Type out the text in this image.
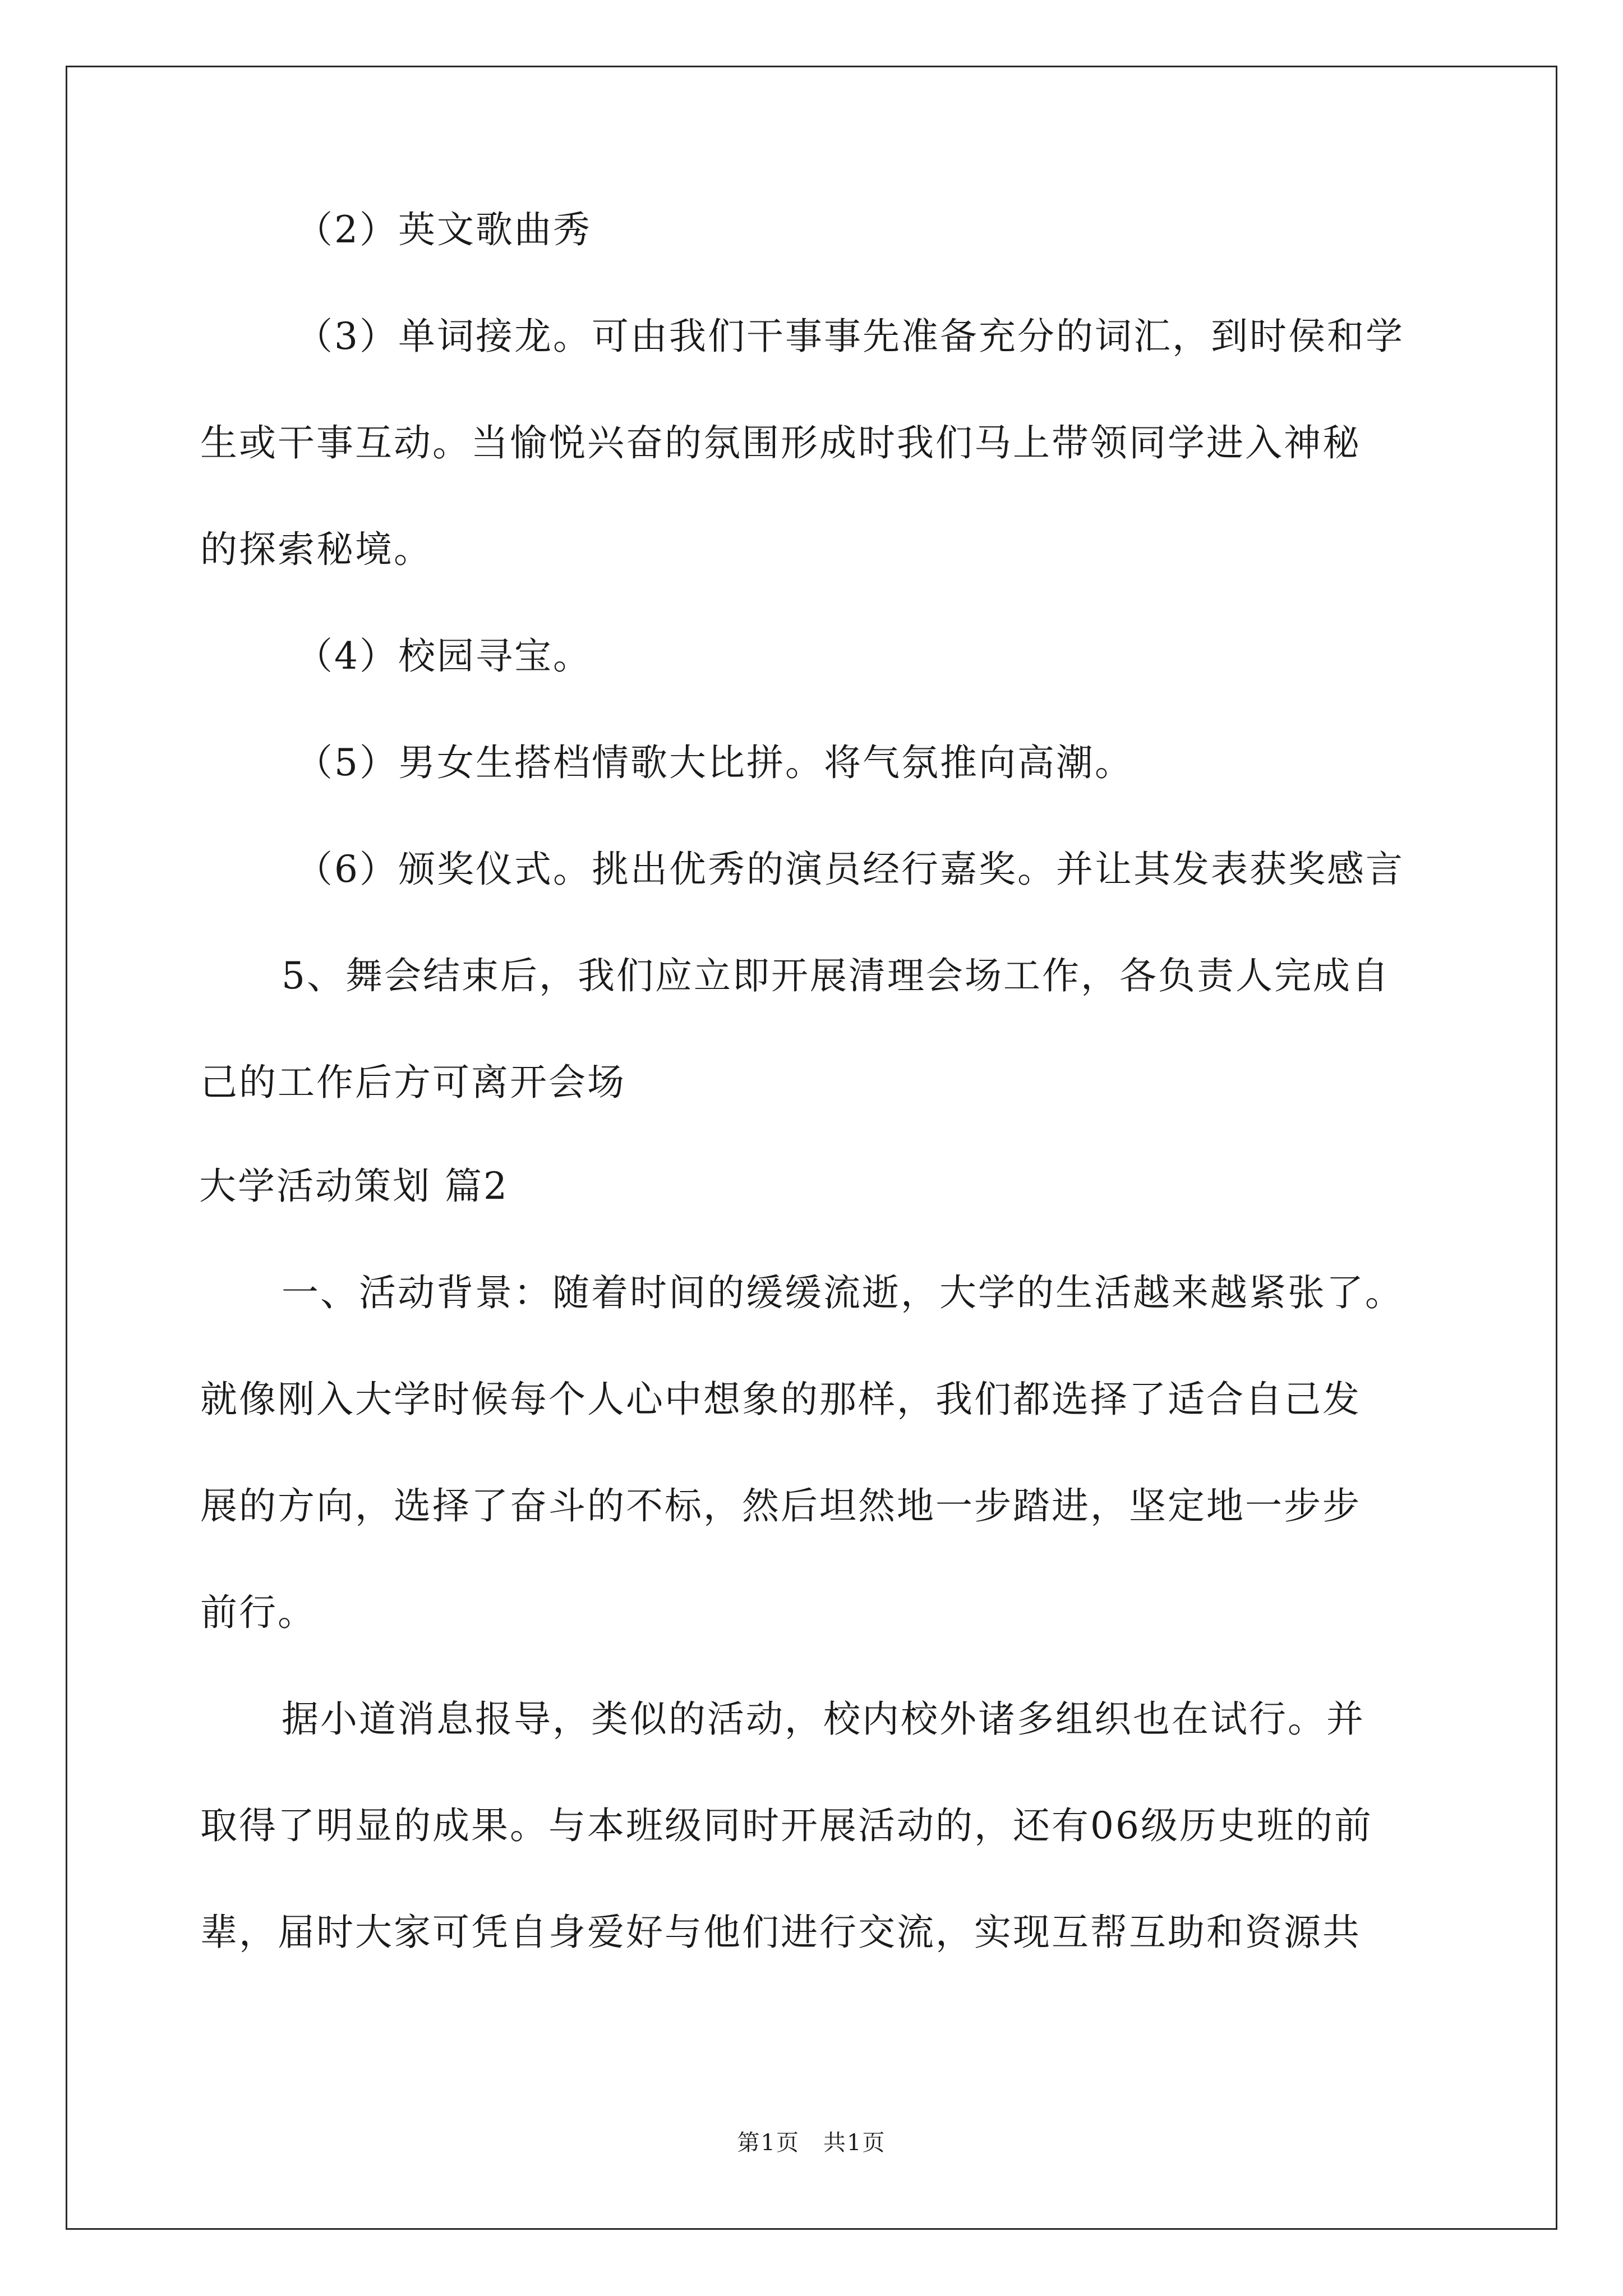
（2）英文歌曲秀
（3）单词接龙。可由我们干事事先准备充分的词汇，到时侯和学
生或干事互动。当愉悦兴奋的氛围形成时我们马上带领同学进入神秘
的探索秘境。
（4）校园寻宝。
（5）男女生搭档情歌大比拼。将气氛推向高潮。
（6）颁奖仪式。挑出优秀的演员经行嘉奖。并让其发表获奖感言
5、舞会结束后，我们应立即开展清理会场工作，各负责人完成自
己的工作后方可离开会场
大学活动策划 篇2
一、活动背景：随着时间的缓缓流逝，大学的生活越来越紧张了。
就像刚入大学时候每个人心中想象的那样，我们都选择了适合自己发
展的方向，选择了奋斗的不标，然后坦然地一步踏进，坚定地一步步
前行。
据小道消息报导，类似的活动，校内校外诸多组织也在试行。并
取得了明显的成果。与本班级同时开展活动的，还有06级历史班的前
辈，届时大家可凭自身爱好与他们进行交流，实现互帮互助和资源共
第1页　共1页
